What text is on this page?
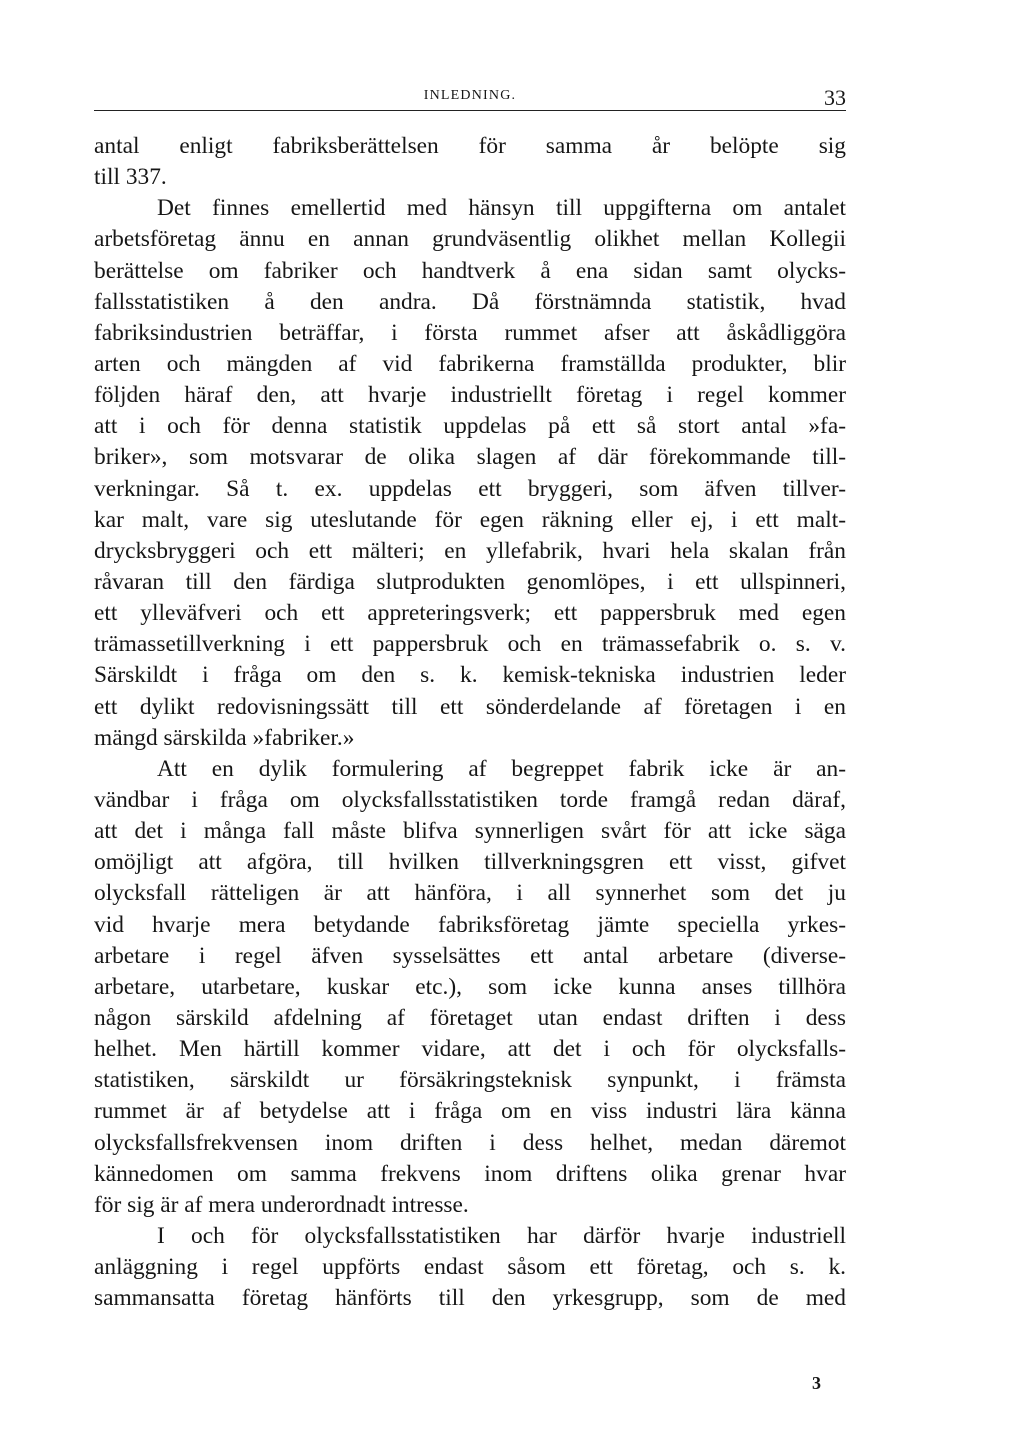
INLEDNING.	33
antal enligt fabriksberättelsen för samma år belöpte sig
till 337.
Det finnes emellertid med hänsyn till uppgifterna om antalet
arbetsföretag ännu en annan grundväsentlig olikhet mellan Kollegii
berättelse om fabriker och handtverk å ena sidan samt olycks-
fallsstatistiken å den andra. Då förstnämnda statistik, hvad
fabriksindustrien beträffar, i första rummet afser att åskådliggöra
arten och mängden af vid fabrikerna framställda produkter, blir
följden häraf den, att hvarje industriellt företag i regel kommer
att i och för denna statistik uppdelas på ett så stort antal »fa-
briker», som motsvarar de olika slagen af där förekommande till-
verkningar. Så t. ex. uppdelas ett bryggeri, som äfven tillver-
kar malt, vare sig uteslutande för egen räkning eller ej, i ett malt-
drycksbryggeri och ett mälteri; en yllefabrik, hvari hela skalan från
råvaran till den färdiga slutprodukten genomlöpes, i ett ullspinneri,
ett ylleväfveri och ett appreteringsverk; ett pappersbruk med egen
trämassetillverkning i ett pappersbruk och en trämassefabrik o. s. v.
Särskildt i fråga om den s. k. kemisk-tekniska industrien leder
ett dylikt redovisningssätt till ett sönderdelande af företagen i en
mängd särskilda »fabriker.»
Att en dylik formulering af begreppet fabrik icke är an-
vändbar i fråga om olycksfallsstatistiken torde framgå redan däraf,
att det i många fall måste blifva synnerligen svårt för att icke säga
omöjligt att afgöra, till hvilken tillverkningsgren ett visst, gifvet
olycksfall rätteligen är att hänföra, i all synnerhet som det ju
vid hvarje mera betydande fabriksföretag jämte speciella yrkes-
arbetare i regel äfven sysselsättes ett antal arbetare (diverse-
arbetare, utarbetare, kuskar etc.), som icke kunna anses tillhöra
någon särskild afdelning af företaget utan endast driften i dess
helhet. Men härtill kommer vidare, att det i och för olycksfalls-
statistiken, särskildt ur försäkringsteknisk synpunkt, i främsta
rummet är af betydelse att i fråga om en viss industri lära känna
olycksfallsfrekvensen inom driften i dess helhet, medan däremot
kännedomen om samma frekvens inom driftens olika grenar hvar
för sig är af mera underordnadt intresse.
I och för olycksfallsstatistiken har därför hvarje industriell
anläggning i regel uppförts endast såsom ett företag, och s. k.
sammansatta företag hänförts till den yrkesgrupp, som de med
3
